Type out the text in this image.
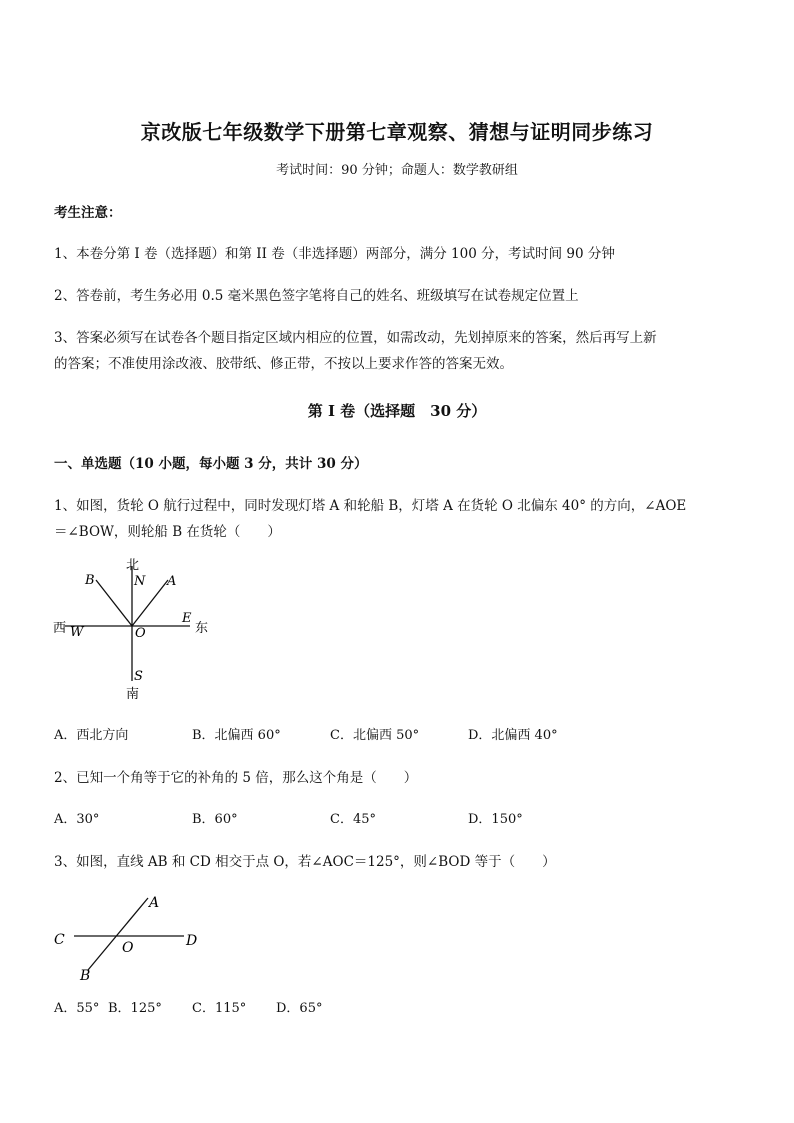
京改版七年级数学下册第七章观察、猜想与证明同步练习
考试时间：90 分钟；命题人：数学教研组
考生注意：
1、本卷分第 I 卷（选择题）和第 II 卷（非选择题）两部分，满分 100 分，考试时间 90 分钟
2、答卷前，考生务必用 0.5 毫米黑色签字笔将自己的姓名、班级填写在试卷规定位置上
3、答案必须写在试卷各个题目指定区域内相应的位置，如需改动，先划掉原来的答案，然后再写上新
的答案；不准使用涂改液、胶带纸、修正带，不按以上要求作答的答案无效。
第 I 卷（选择题　30 分）
一、单选题（10 小题，每小题 3 分，共计 30 分）
1、如图，货轮 O 航行过程中，同时发现灯塔 A 和轮船 B，灯塔 A 在货轮 O 北偏东 40° 的方向，∠AOE
＝∠BOW，则轮船 B 在货轮（　　）
北
N A
B
西 W	O
E
东
S
南
A．西北方向	B．北偏西 60°	C．北偏西 50°	D．北偏西 40°
2、已知一个角等于它的补角的 5 倍，那么这个角是（　　）
A．30°	B．60°	C．45°	D．150°
3、如图，直线 AB 和 CD 相交于点 O，若∠AOC＝125°，则∠BOD 等于（　　）
A
C	D
O
B
A．55° B．125° C．115° D．65°
